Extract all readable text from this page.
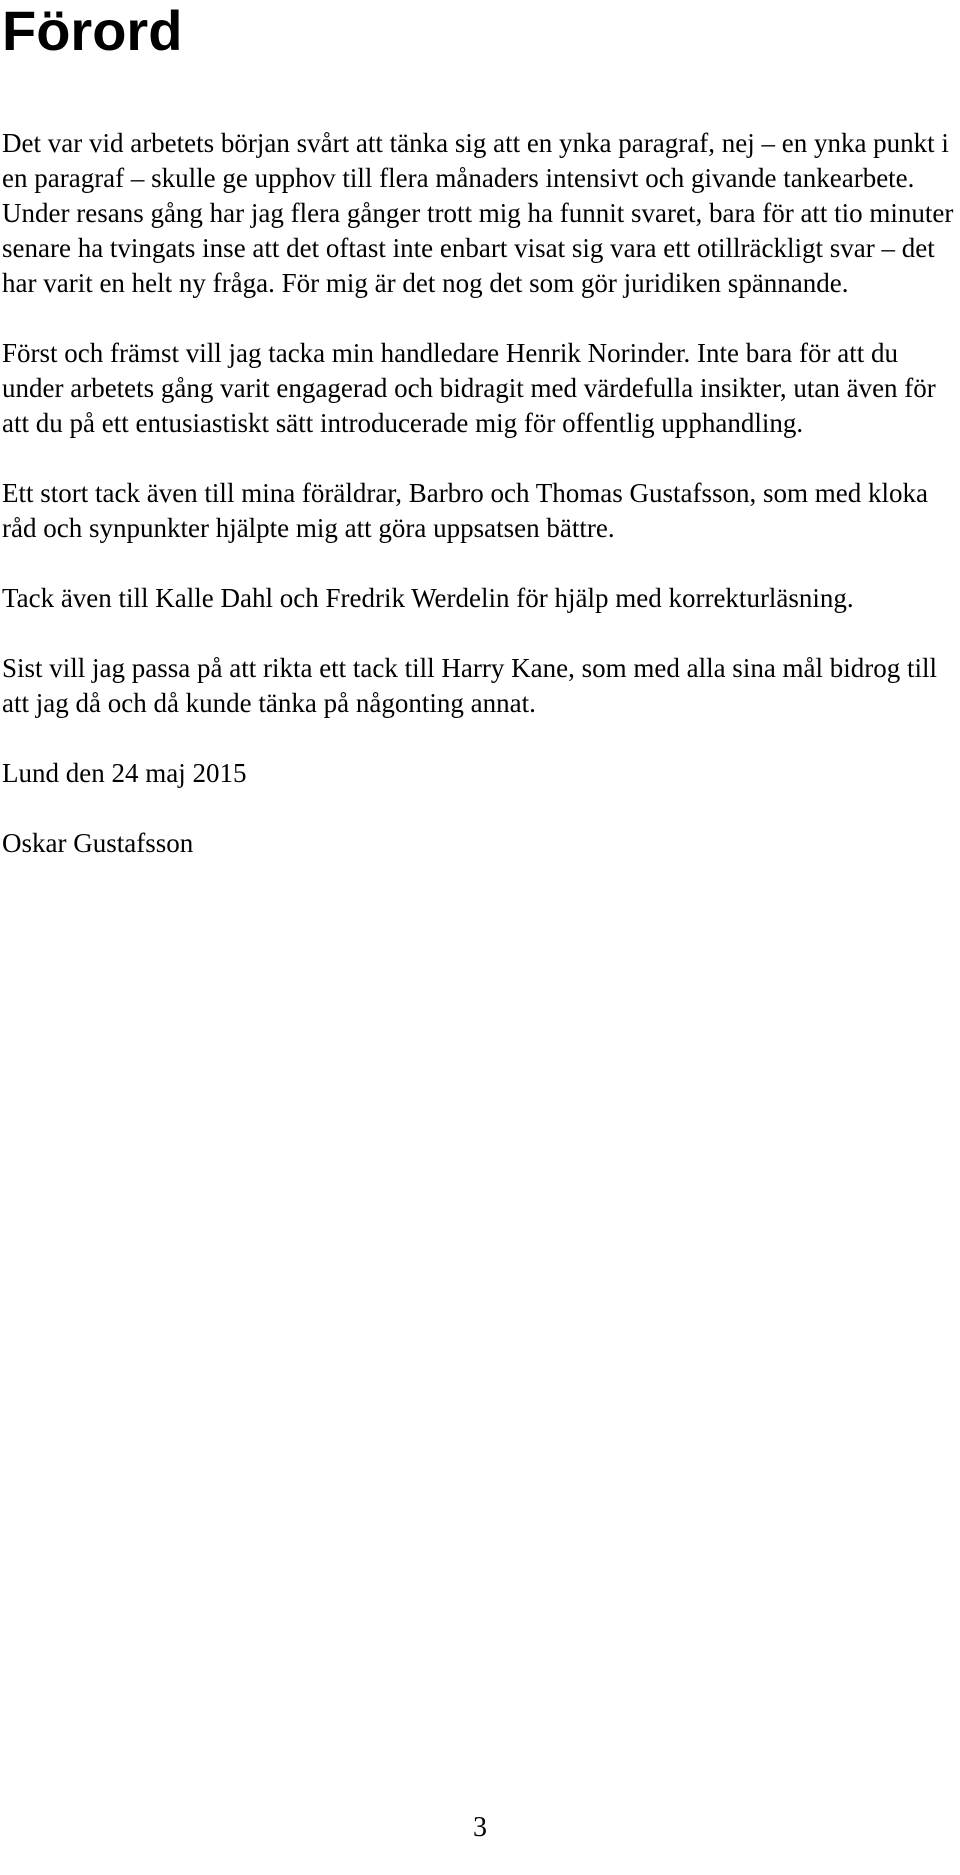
Förord

Det var vid arbetets början svårt att tänka sig att en ynka paragraf, nej – en ynka punkt i en paragraf – skulle ge upphov till flera månaders intensivt och givande tankearbete. Under resans gång har jag flera gånger trott mig ha funnit svaret, bara för att tio minuter senare ha tvingats inse att det oftast inte enbart visat sig vara ett otillräckligt svar – det har varit en helt ny fråga. För mig är det nog det som gör juridiken spännande.

Först och främst vill jag tacka min handledare Henrik Norinder. Inte bara för att du under arbetets gång varit engagerad och bidragit med värdefulla insikter, utan även för att du på ett entusiastiskt sätt introducerade mig för offentlig upphandling.

Ett stort tack även till mina föräldrar, Barbro och Thomas Gustafsson, som med kloka råd och synpunkter hjälpte mig att göra uppsatsen bättre.

Tack även till Kalle Dahl och Fredrik Werdelin för hjälp med korrekturläsning.

Sist vill jag passa på att rikta ett tack till Harry Kane, som med alla sina mål bidrog till att jag då och då kunde tänka på någonting annat.

Lund den 24 maj 2015

Oskar Gustafsson

3
